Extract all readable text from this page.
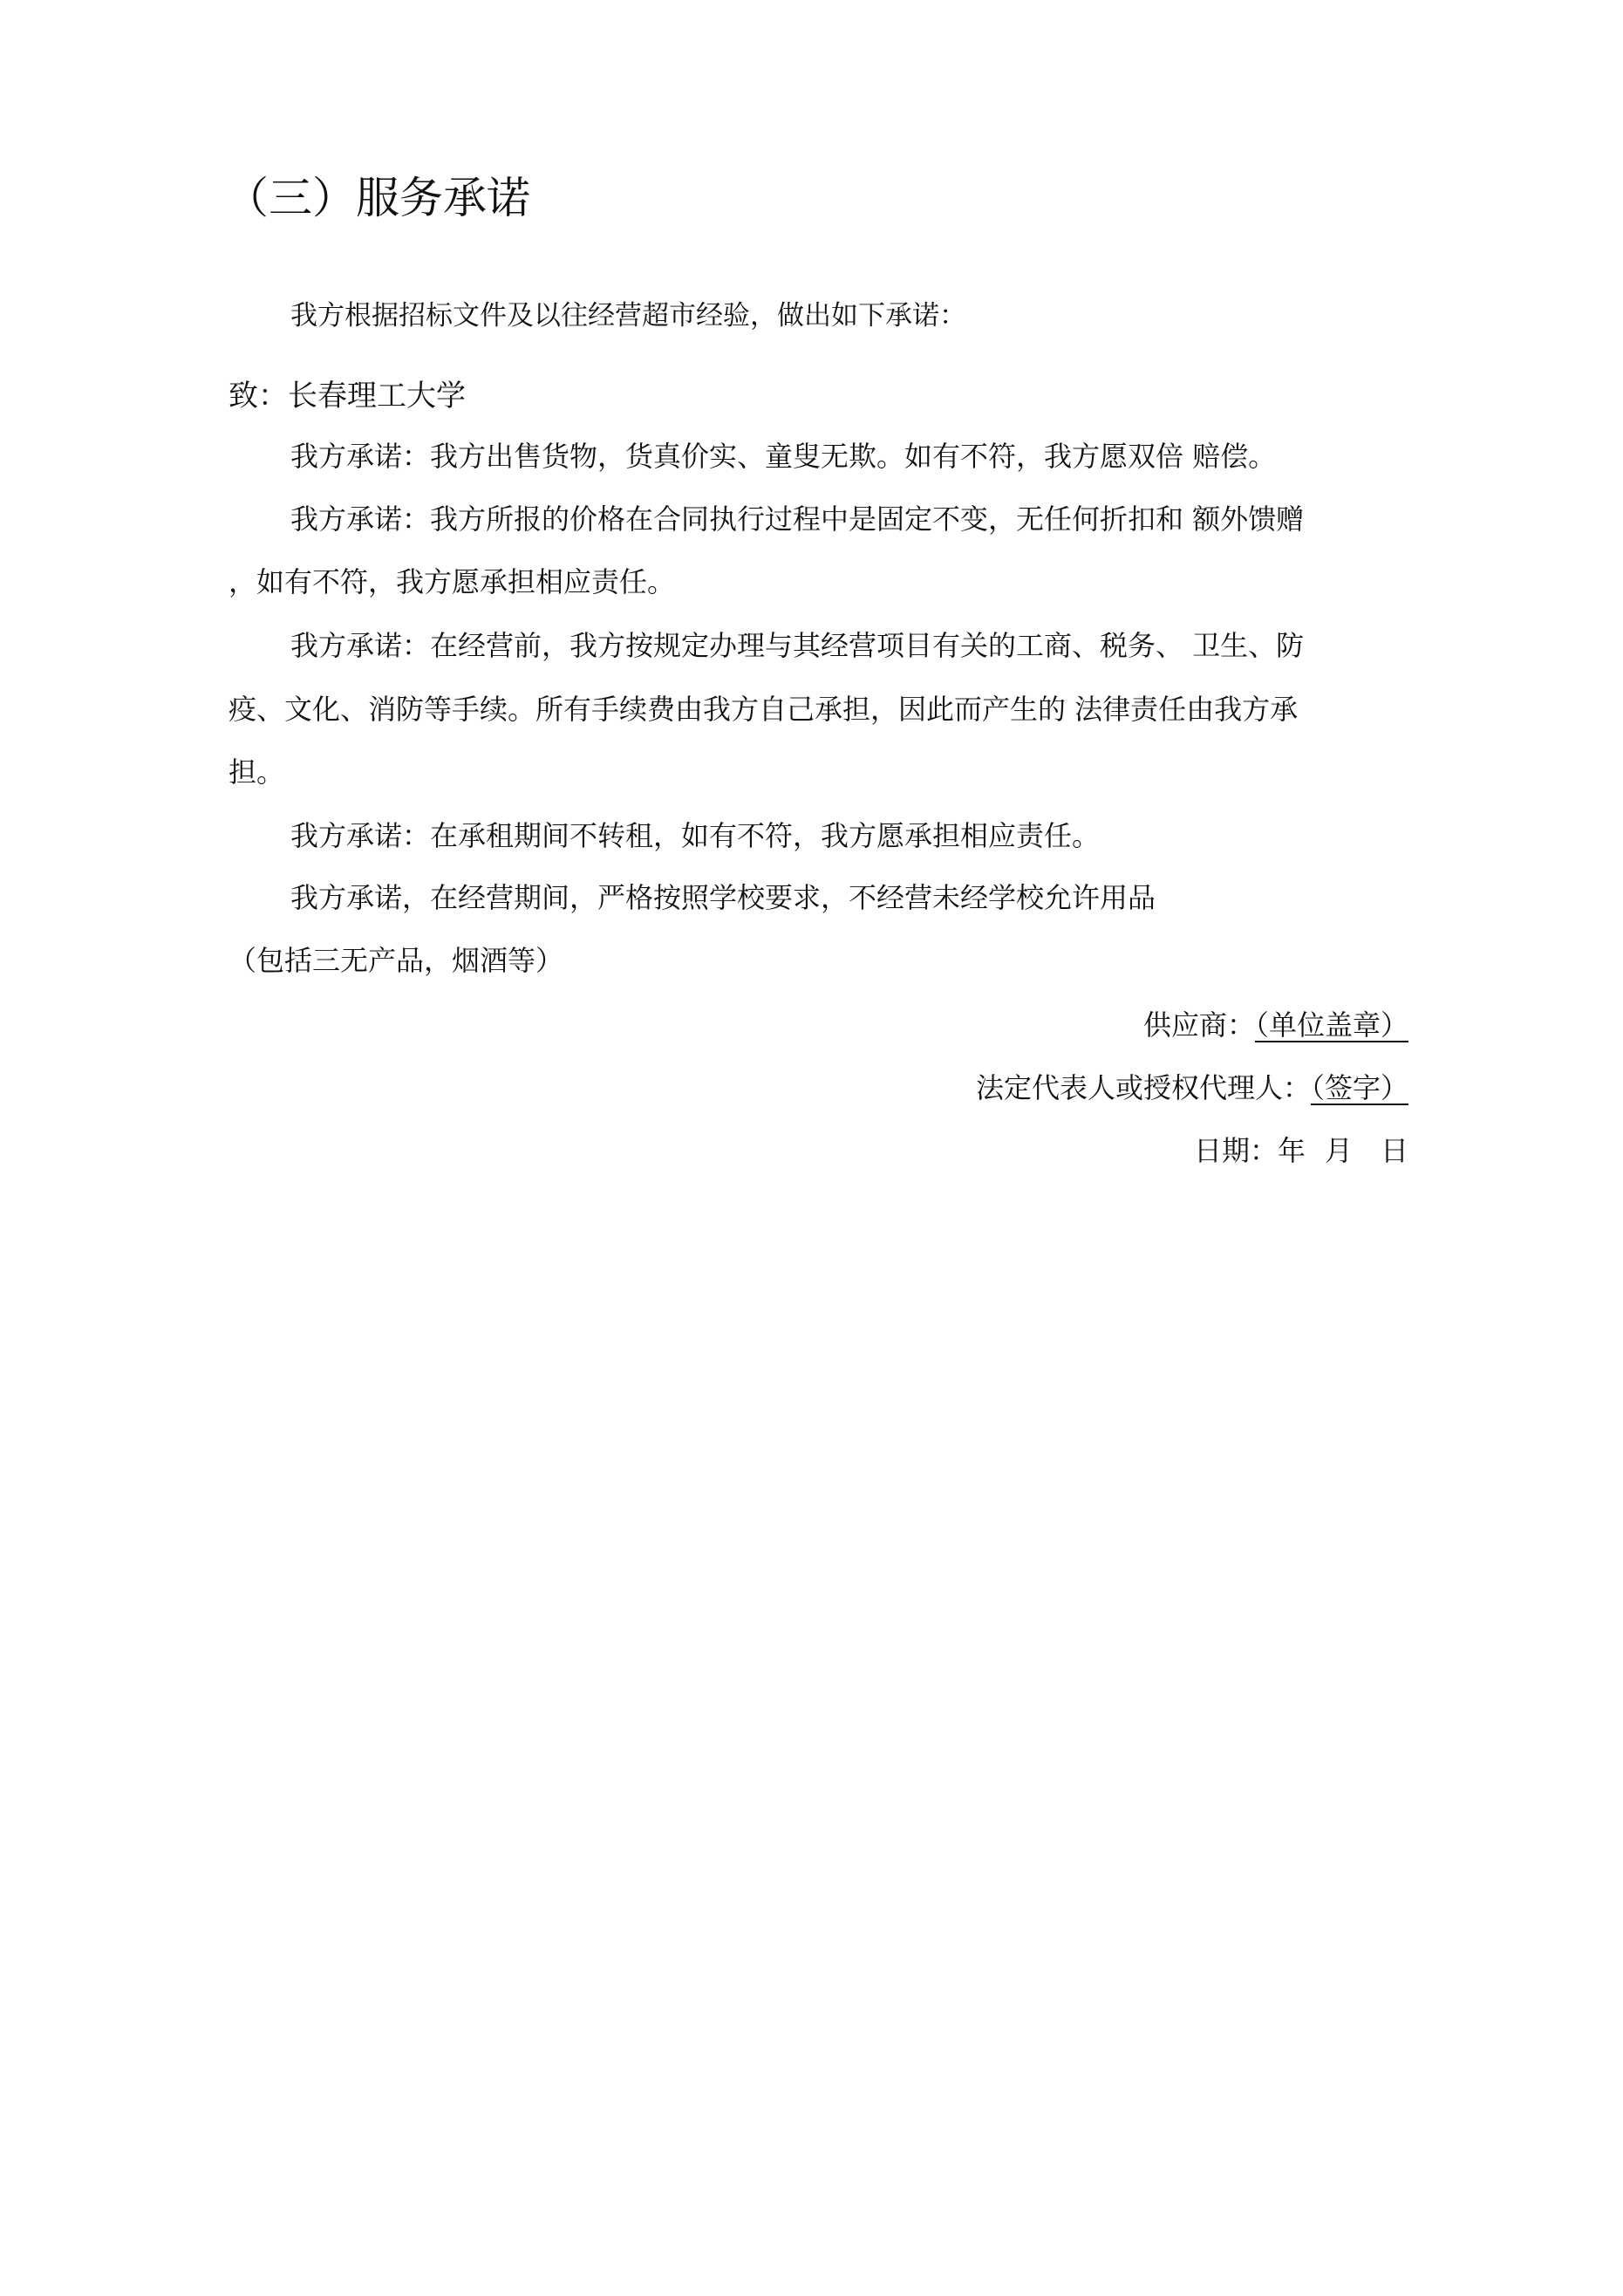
（三）服务承诺
我方根据招标文件及以往经营超市经验，做出如下承诺：
致：长春理工大学
我方承诺：我方出售货物，货真价实、童叟无欺。如有不符，我方愿双倍 赔偿。
我方承诺：我方所报的价格在合同执行过程中是固定不变，无任何折扣和 额外馈赠
，如有不符，我方愿承担相应责任。
我方承诺：在经营前，我方按规定办理与其经营项目有关的工商、税务、 卫生、防
疫、文化、消防等手续。所有手续费由我方自己承担，因此而产生的 法律责任由我方承
担。
我方承诺：在承租期间不转租，如有不符，我方愿承担相应责任。
我方承诺，在经营期间，严格按照学校要求，不经营未经学校允许用品
（包括三无产品，烟酒等）
供应商：（单位盖章）
法定代表人或授权代理人：（签字）
日期：年 月 日
